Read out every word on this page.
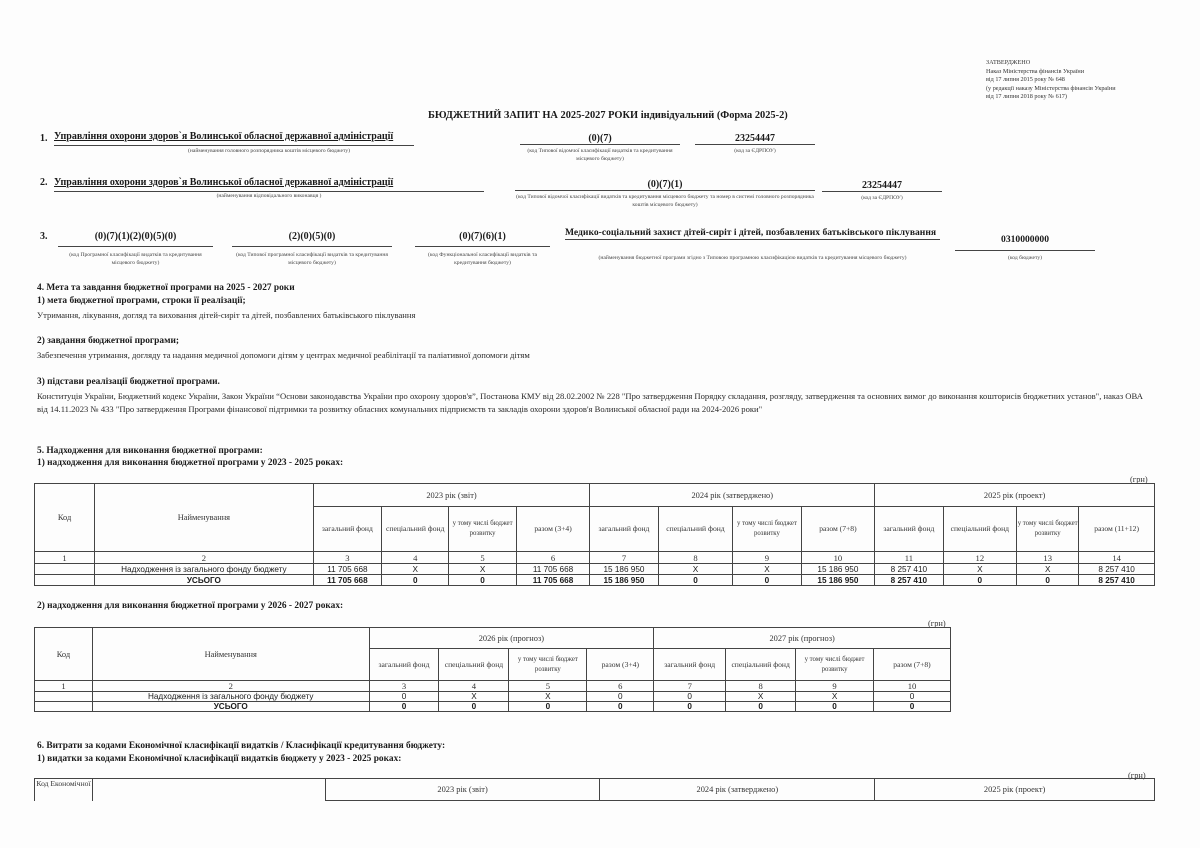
ЗАТВЕРДЖЕНО
Наказ Міністерства фінансів України
від 17 липня 2015 року № 648
(у редакції наказу Міністерства фінансів України
від 17 липня 2018 року № 617)
БЮДЖЕТНИЙ ЗАПИТ НА 2025-2027 РОКИ індивідуальний (Форма 2025-2)
1. Управління охорони здоров`я Волинської обласної державної адміністрації
(найменування головного розпорядника коштів місцевого бюджету)
(0)(7)
(код Типової відомчої класифікації видатків та кредитування місцевого бюджету)
23254447
(код за ЄДРПОУ)
2. Управління охорони здоров`я Волинської обласної державної адміністрації
(найменування відповідального виконавця )
(0)(7)(1)
(код Типової відомчої класифікації видатків та кредитування місцевого бюджету та номер в системі головного розпорядника коштів місцевого бюджету)
23254447
(код за ЄДРПОУ)
3.	(0)(7)(1)(2)(0)(5)(0)
(код Програмної класифікації видатків та кредитування місцевого бюджету)
(2)(0)(5)(0)
(код Типової програмної класифікації видатків та кредитування місцевого бюджету)
(0)(7)(6)(1)
(код Функціональної класифікації видатків та кредитування бюджету)
Медико-соціальний захист дітей-сиріт і дітей, позбавлених батьківського піклування
(найменування бюджетної програми згідно з Типовою програмною класифікацією видатків та кредитування місцевого бюджету)
0310000000
(код бюджету)
4. Мета та завдання бюджетної програми на 2025 - 2027 роки
1) мета бюджетної програми, строки її реалізації;
Утримання, лікування, догляд та виховання дітей-сиріт та дітей, позбавлених батьківського піклування
2) завдання бюджетної програми;
Забезпечення утримання, догляду та надання медичної допомоги дітям у центрах медичної реабілітації та паліативної допомоги дітям
3) підстави реалізації бюджетної програми.
Конституція України, Бюджетний кодекс України, Закон України “Основи законодавства України про охорону здоров'я”, Постанова КМУ від 28.02.2002 № 228 "Про затвердження Порядку складання, розгляду, затвердження та основних вимог до виконання кошторисів бюджетних установ", наказ ОВА від 14.11.2023 № 433 "Про затвердження Програми фінансової підтримки та розвитку обласних комунальних підприємств та закладів охорони здоров'я Волинської обласної ради на 2024-2026 роки"
5. Надходження для виконання бюджетної програми:
1) надходження для виконання бюджетної програми у 2023 - 2025 роках:
(грн)
Код	Найменування	2023 рік (звіт)				2024 рік (затверджено)				2025 рік (проект)			
		загальний фонд	спеціальний фонд	у тому числі бюджет розвитку	разом (3+4)	загальний фонд	спеціальний фонд	у тому числі бюджет розвитку	разом (7+8)	загальний фонд	спеціальний фонд	у тому числі бюджет розвитку	разом (11+12)
1	2	3	4	5	6	7	8	9	10	11	12	13	14
	Надходження із загального фонду бюджету	11 705 668	X	X	11 705 668	15 186 950	X	X	15 186 950	8 257 410	X	X	8 257 410
	УСЬОГО	11 705 668	0	0	11 705 668	15 186 950	0	0	15 186 950	8 257 410	0	0	8 257 410
2) надходження для виконання бюджетної програми у 2026 - 2027 роках:
(грн)
Код	Найменування	2026 рік (прогноз)				2027 рік (прогноз)			
		загальний фонд	спеціальний фонд	у тому числі бюджет розвитку	разом (3+4)	загальний фонд	спеціальний фонд	у тому числі бюджет розвитку	разом (7+8)
1	2	3	4	5	6	7	8	9	10
	Надходження із загального фонду бюджету	0	X	X	0	0	X	X	0
	УСЬОГО	0	0	0	0	0	0	0	0
6. Витрати за кодами Економічної класифікації видатків / Класифікації кредитування бюджету:
1) видатки за кодами Економічної класифікації видатків бюджету у 2023 - 2025 роках:
(грн)
Код Економічної		2023 рік (звіт)	2024 рік (затверджено)	2025 рік (проект)
